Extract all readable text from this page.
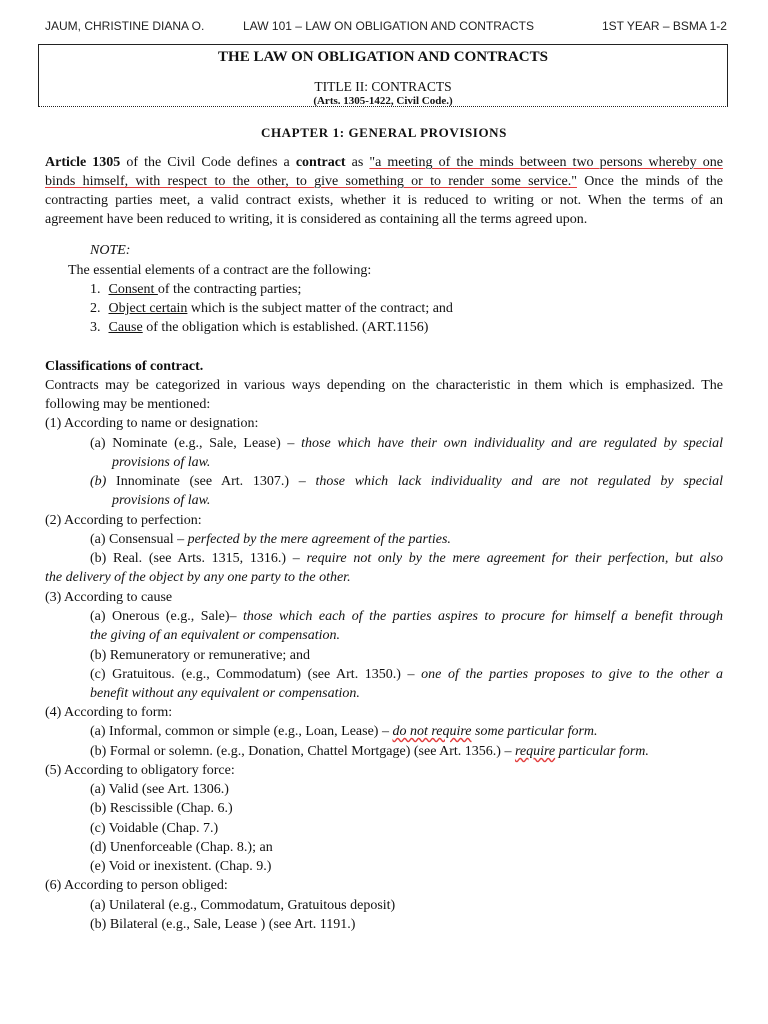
JAUM, CHRISTINE DIANA O.	LAW 101 – LAW ON OBLIGATION AND CONTRACTS	1ST YEAR – BSMA 1-2
THE LAW ON OBLIGATION AND CONTRACTS
TITLE II: CONTRACTS
(Arts. 1305-1422, Civil Code.)
CHAPTER 1: GENERAL PROVISIONS
Article 1305 of the Civil Code defines a contract as "a meeting of the minds between two persons whereby one
binds himself, with respect to the other, to give something or to render some service." Once the minds of the
contracting parties meet, a valid contract exists, whether it is reduced to writing or not. When the terms of an
agreement have been reduced to writing, it is considered as containing all the terms agreed upon.
NOTE:
The essential elements of a contract are the following:
1. Consent of the contracting parties;
2. Object certain which is the subject matter of the contract; and
3. Cause of the obligation which is established. (ART.1156)
Classifications of contract.
Contracts may be categorized in various ways depending on the characteristic in them which is emphasized. The
following may be mentioned:
(1) According to name or designation:
(a) Nominate (e.g., Sale, Lease) – those which have their own individuality and are regulated by special
provisions of law.
(b) Innominate (see Art. 1307.) – those which lack individuality and are not regulated by special
provisions of law.
(2) According to perfection:
(a) Consensual – perfected by the mere agreement of the parties.
(b) Real. (see Arts. 1315, 1316.) – require not only by the mere agreement for their perfection, but also
the delivery of the object by any one party to the other.
(3) According to cause
(a) Onerous (e.g., Sale)– those which each of the parties aspires to procure for himself a benefit through
the giving of an equivalent or compensation.
(b) Remuneratory or remunerative; and
(c) Gratuitous. (e.g., Commodatum) (see Art. 1350.) – one of the parties proposes to give to the other a
benefit without any equivalent or compensation.
(4) According to form:
(a) Informal, common or simple (e.g., Loan, Lease) – do not require some particular form.
(b) Formal or solemn. (e.g., Donation, Chattel Mortgage) (see Art. 1356.) – require particular form.
(5) According to obligatory force:
(a) Valid (see Art. 1306.)
(b) Rescissible (Chap. 6.)
(c) Voidable (Chap. 7.)
(d) Unenforceable (Chap. 8.); an
(e) Void or inexistent. (Chap. 9.)
(6) According to person obliged:
(a) Unilateral (e.g., Commodatum, Gratuitous deposit)
(b) Bilateral (e.g., Sale, Lease ) (see Art. 1191.)
